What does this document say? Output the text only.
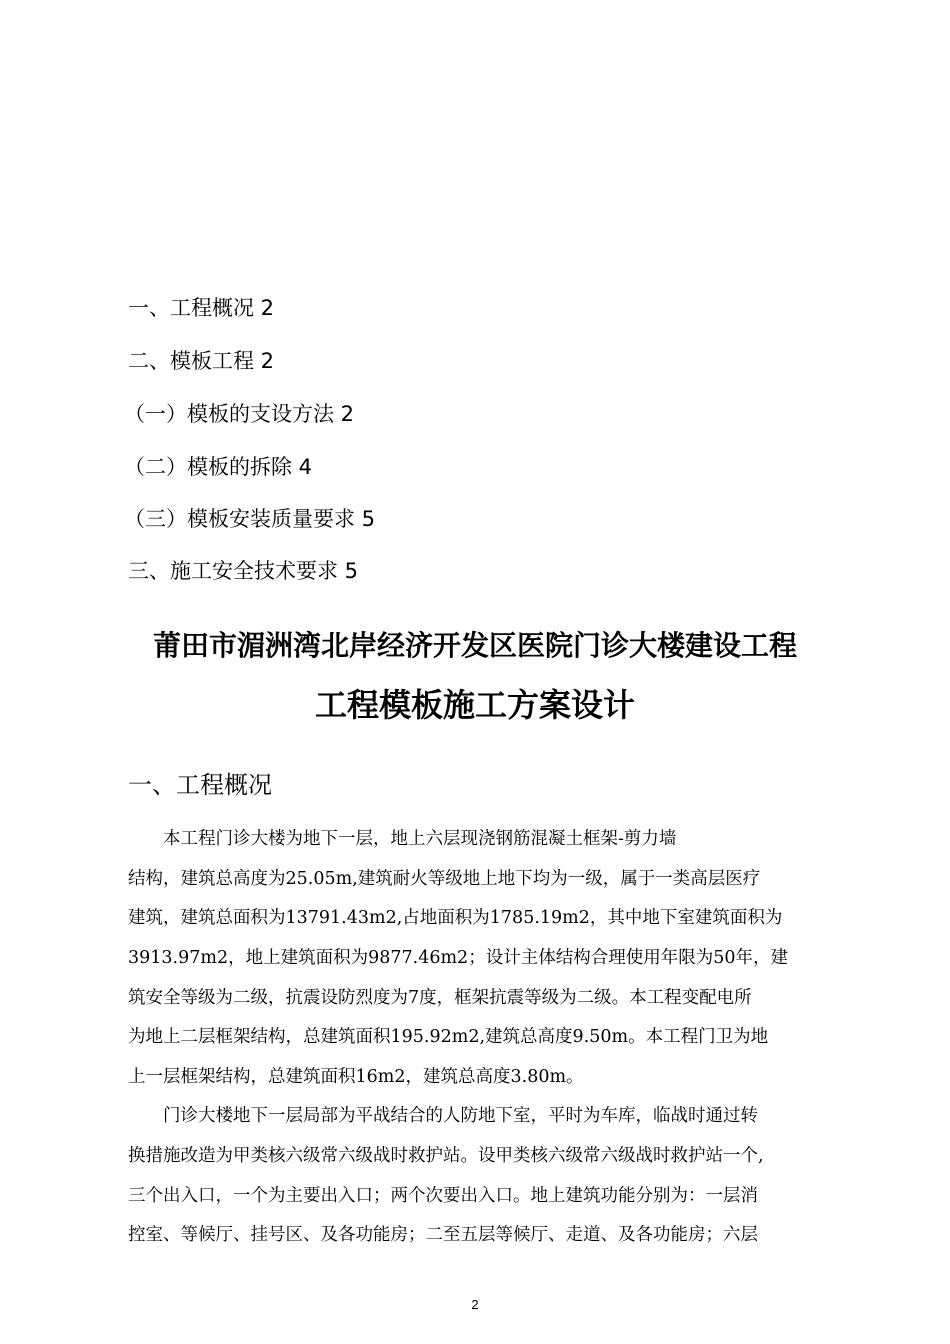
一、工程概况 2
二、模板工程 2
（一）模板的支设方法 2
（二）模板的拆除 4
（三）模板安装质量要求 5
三、施工安全技术要求 5
莆田市湄洲湾北岸经济开发区医院门诊大楼建设工程
工程模板施工方案设计
一、工程概况
本工程门诊大楼为地下一层，地上六层现浇钢筋混凝土框架-剪力墙
结构，建筑总高度为25.05m,建筑耐火等级地上地下均为一级，属于一类高层医疗
建筑，建筑总面积为13791.43m2,占地面积为1785.19m2，其中地下室建筑面积为
3913.97m2，地上建筑面积为9877.46m2；设计主体结构合理使用年限为50年，建
筑安全等级为二级，抗震设防烈度为7度，框架抗震等级为二级。本工程变配电所
为地上二层框架结构，总建筑面积195.92m2,建筑总高度9.50m。本工程门卫为地
上一层框架结构，总建筑面积16m2，建筑总高度3.80m。
门诊大楼地下一层局部为平战结合的人防地下室，平时为车库，临战时通过转
换措施改造为甲类核六级常六级战时救护站。设甲类核六级常六级战时救护站一个,
三个出入口，一个为主要出入口；两个次要出入口。地上建筑功能分别为：一层消
控室、等候厅、挂号区、及各功能房；二至五层等候厅、走道、及各功能房；六层
2
